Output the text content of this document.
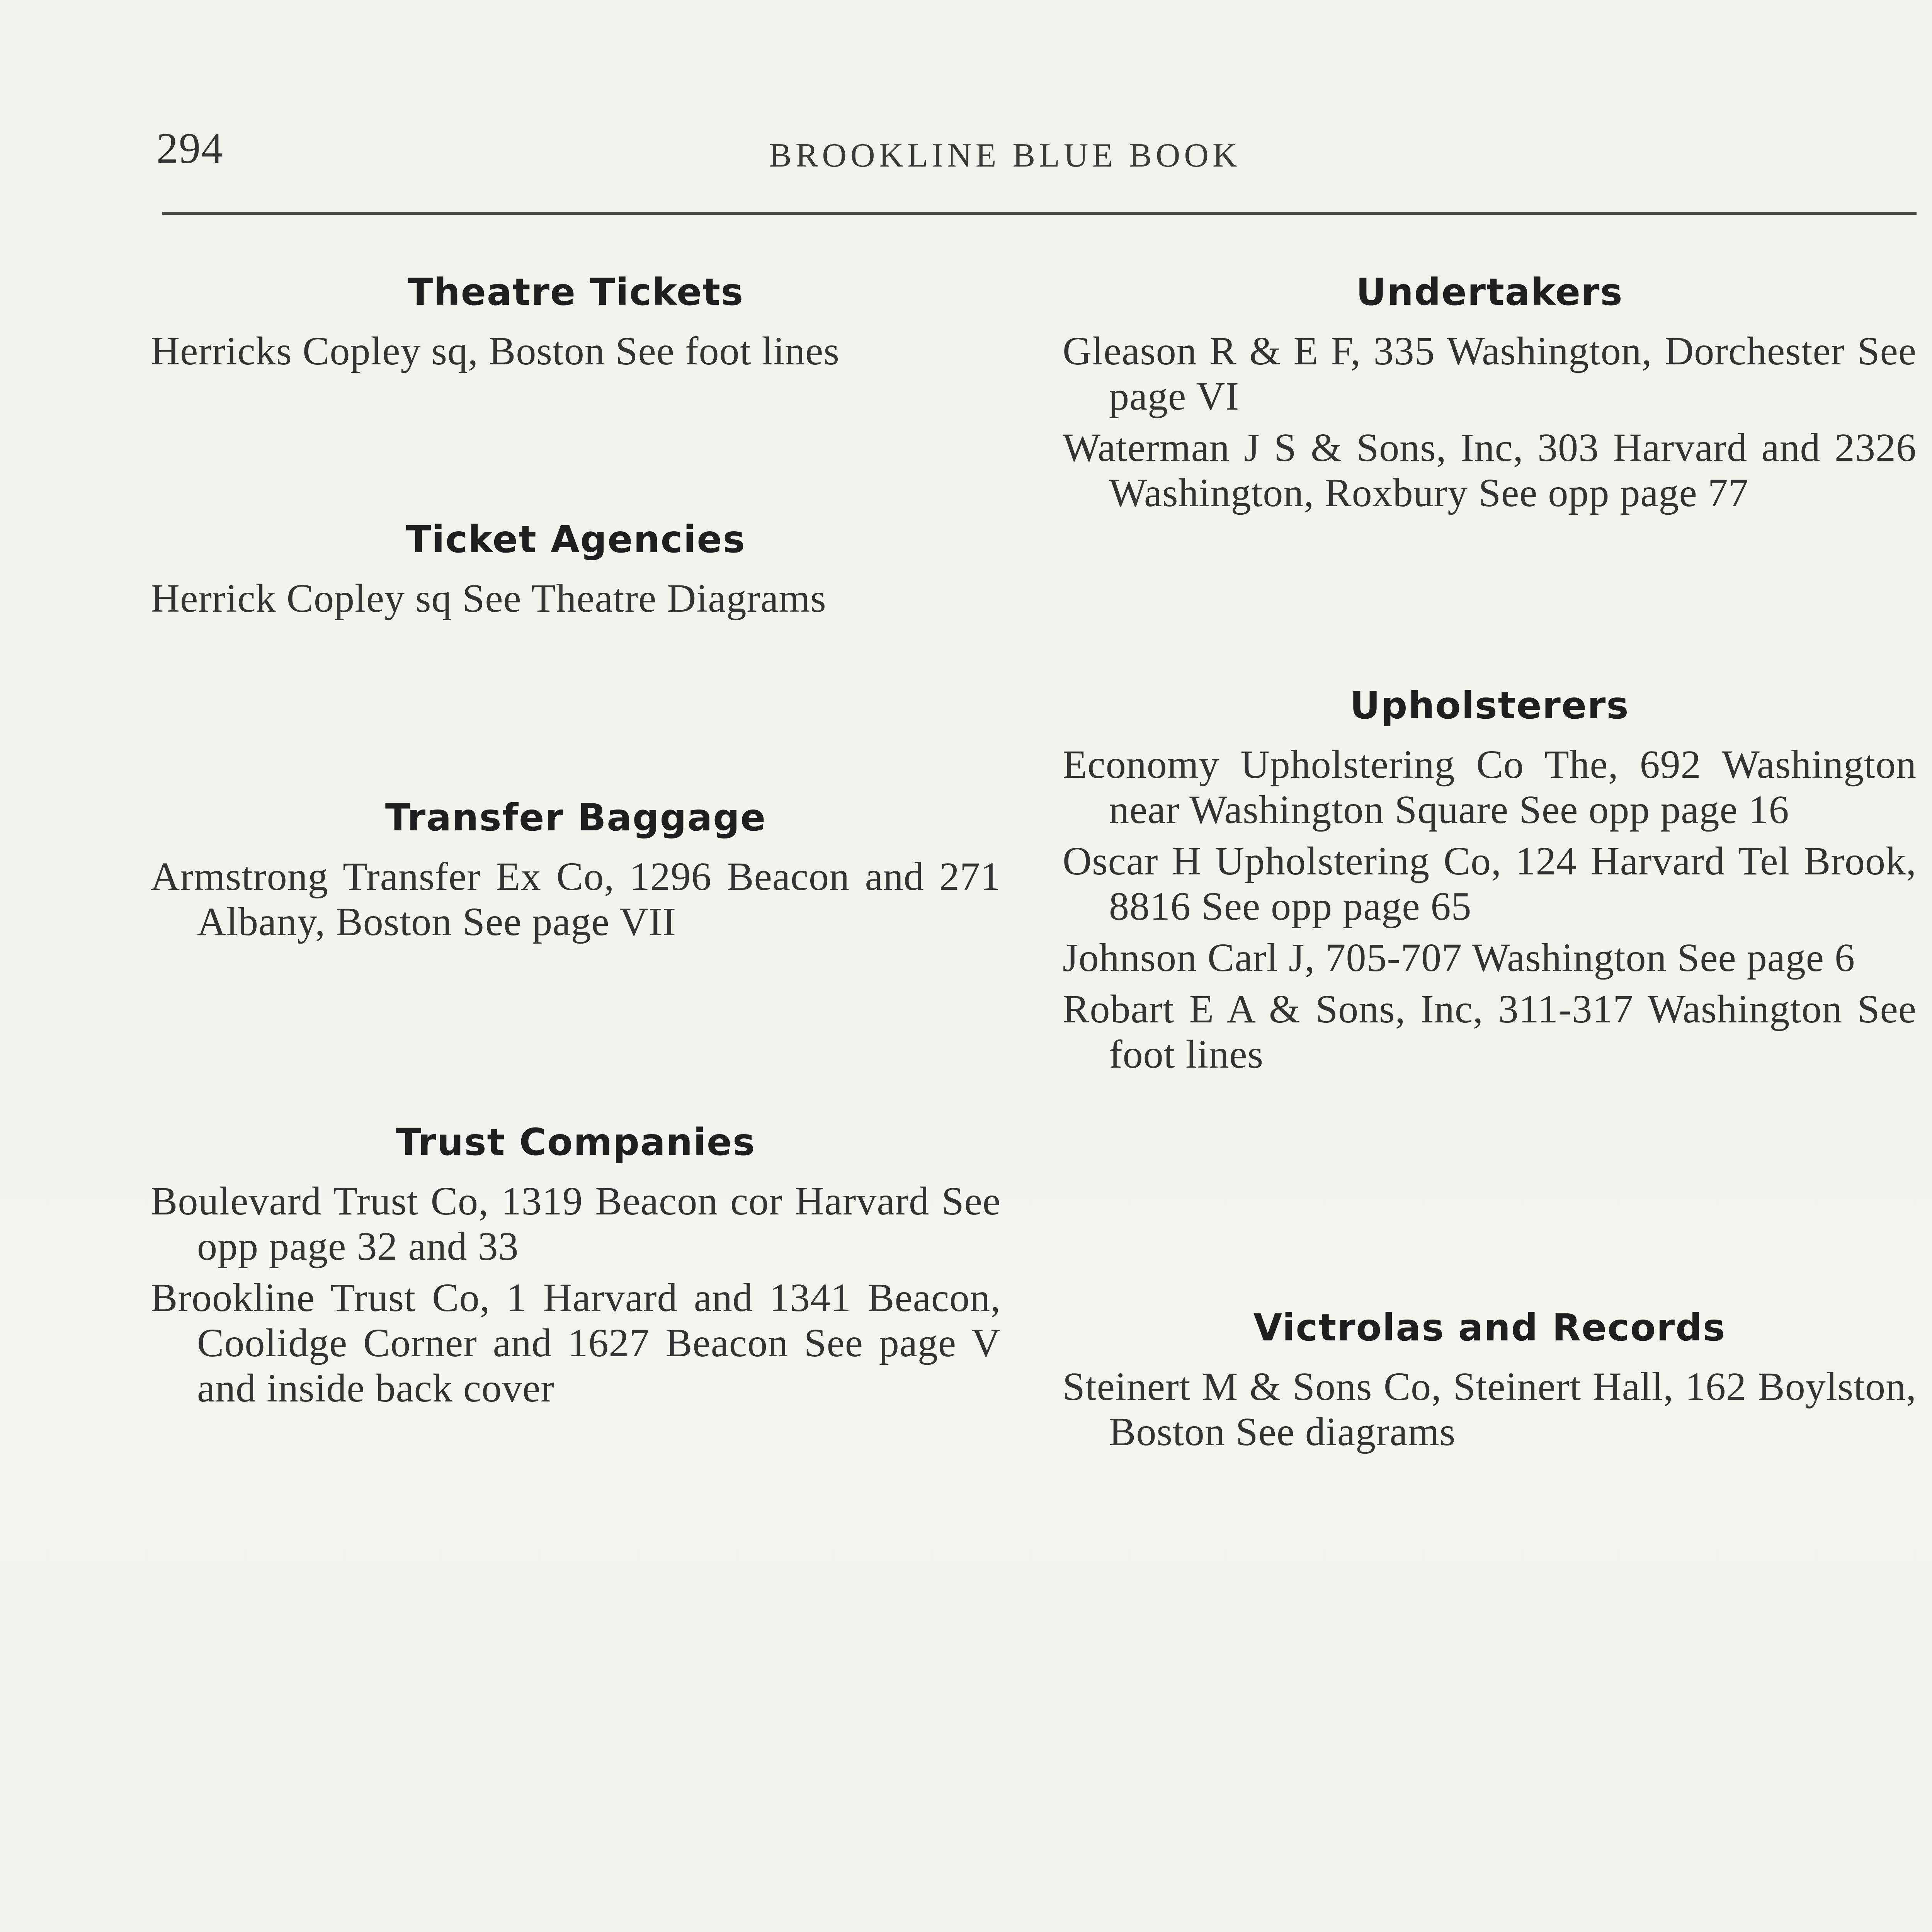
294	BROOKLINE BLUE BOOK
Theatre Tickets
Herricks Copley sq, Boston See foot lines
Ticket Agencies
Herrick Copley sq See Theatre Diagrams
Transfer Baggage
Armstrong Transfer Ex Co, 1296 Beacon and 271 Albany, Boston See page VII
Trust Companies
Boulevard Trust Co, 1319 Beacon cor Harvard See opp page 32 and 33
Brookline Trust Co, 1 Harvard and 1341 Beacon, Coolidge Corner and 1627 Beacon See page V and inside back cover
Undertakers
Gleason R & E F, 335 Washington, Dorchester See page VI
Waterman J S & Sons, Inc, 303 Harvard and 2326 Washington, Roxbury See opp page 77
Upholsterers
Economy Upholstering Co The, 692 Washington near Washington Square See opp page 16
Oscar H Upholstering Co, 124 Harvard Tel Brook, 8816 See opp page 65
Johnson Carl J, 705-707 Washington See page 6
Robart E A & Sons, Inc, 311-317 Washington See foot lines
Victrolas and Records
Steinert M & Sons Co, Steinert Hall, 162 Boylston, Boston See diagrams
